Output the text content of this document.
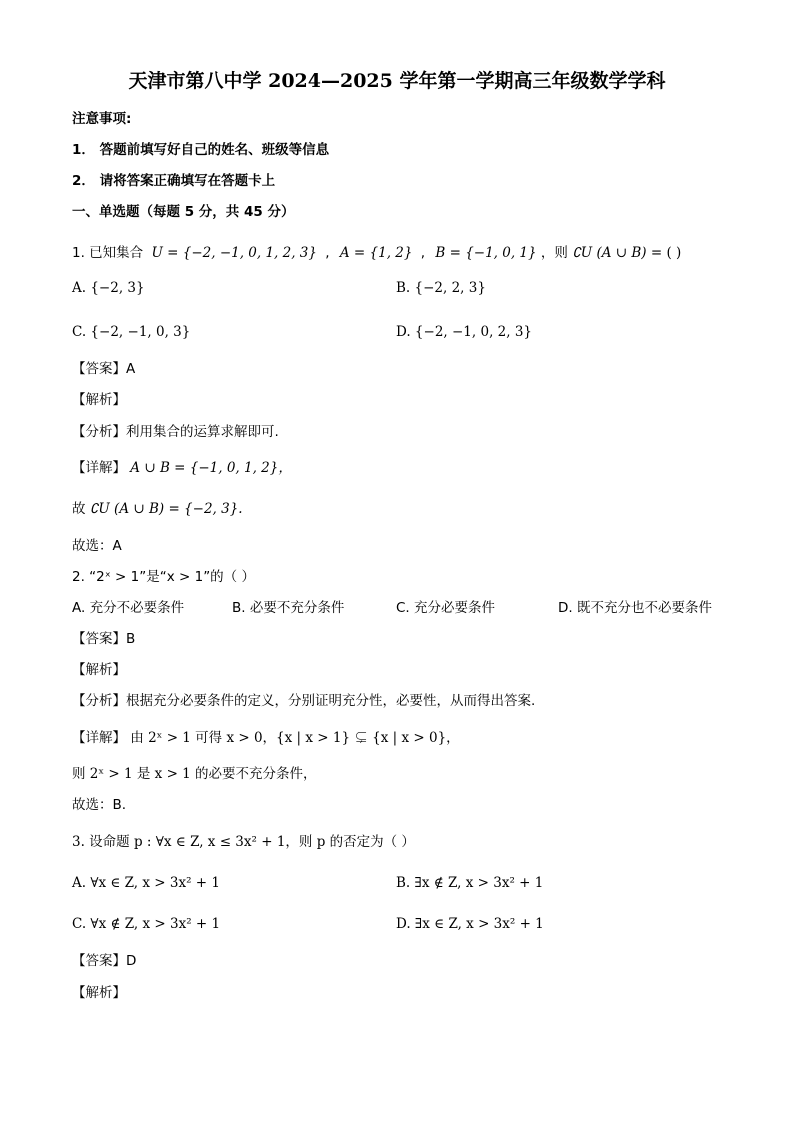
天津市第八中学 2024—2025 学年第一学期高三年级数学学科
注意事项:
1． 答题前填写好自己的姓名、班级等信息
2． 请将答案正确填写在答题卡上
一、单选题（每题 5 分，共 45 分）
1. 已知集合 U = {−2, −1, 0, 1, 2, 3} , A = {1, 2} , B = {−1, 0, 1} ，则 ∁U (A ∪ B) = ( )
A. {−2, 3}	B. {−2, 2, 3}
C. {−2, −1, 0, 3}	D. {−2, −1, 0, 2, 3}
【答案】A
【解析】
【分析】利用集合的运算求解即可.
【详解】 A ∪ B = {−1, 0, 1, 2}，
故 ∁U (A ∪ B) = {−2, 3}.
故选：A
2. “2ˣ > 1”是“x > 1”的（ ）
A. 充分不必要条件	B. 必要不充分条件	C. 充分必要条件	D. 既不充分也不必要条件
【答案】B
【解析】
【分析】根据充分必要条件的定义，分别证明充分性，必要性，从而得出答案.
【详解】 由 2ˣ > 1 可得 x > 0，{x | x > 1} ⊊ {x | x > 0}，
则 2ˣ > 1 是 x > 1 的必要不充分条件，
故选：B.
3. 设命题 p : ∀x ∈ Z, x ≤ 3x² + 1，则 p 的否定为（ ）
A. ∀x ∈ Z, x > 3x² + 1	B. ∃x ∉ Z, x > 3x² + 1
C. ∀x ∉ Z, x > 3x² + 1	D. ∃x ∈ Z, x > 3x² + 1
【答案】D
【解析】
